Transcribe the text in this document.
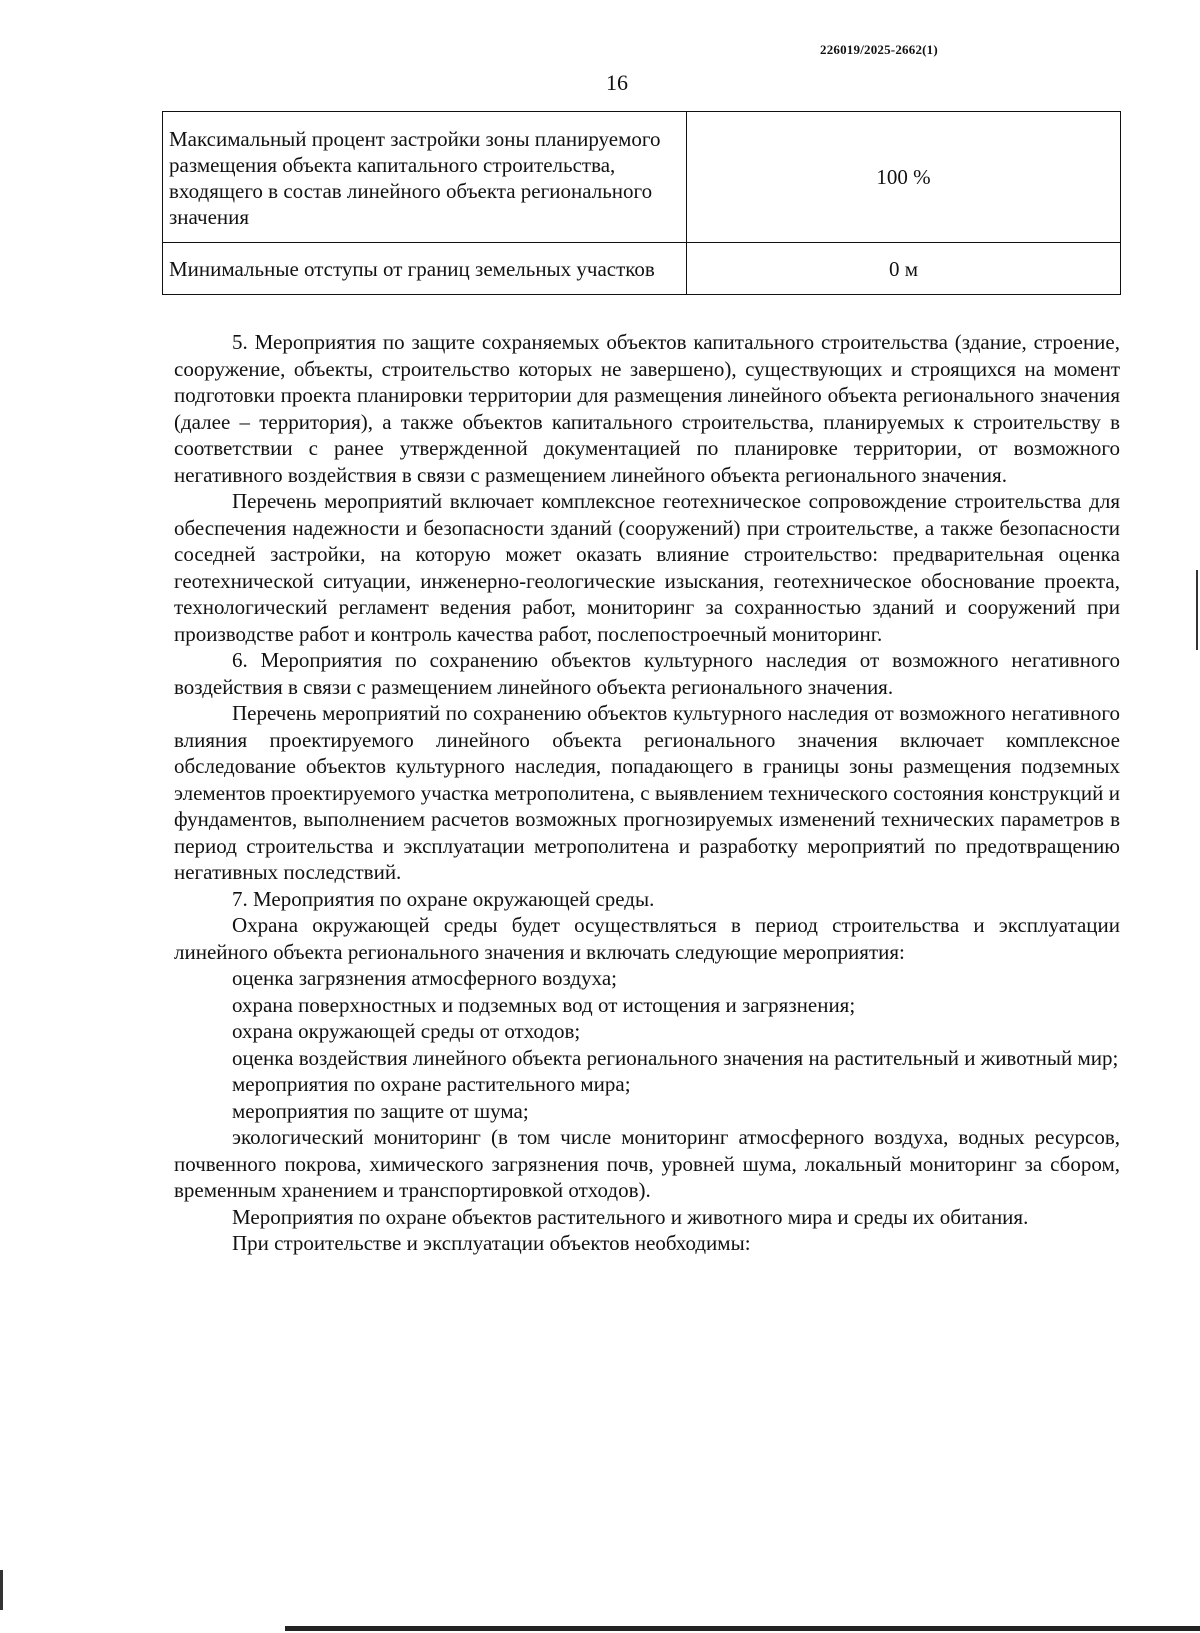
226019/2025-2662(1)
16
Максимальный процент застройки зоны планируемого размещения объекта капитального строительства, входящего в состав линейного объекта регионального значения	100 %
Минимальные отступы от границ земельных участков	0 м

5. Мероприятия по защите сохраняемых объектов капитального строительства (здание, строение, сооружение, объекты, строительство которых не завершено), существующих и строящихся на момент подготовки проекта планировки территории для размещения линейного объекта регионального значения (далее – территория), а также объектов капитального строительства, планируемых к строительству в соответствии с ранее утвержденной документацией по планировке территории, от возможного негативного воздействия в связи с размещением линейного объекта регионального значения.

Перечень мероприятий включает комплексное геотехническое сопровождение строительства для обеспечения надежности и безопасности зданий (сооружений) при строительстве, а также безопасности соседней застройки, на которую может оказать влияние строительство: предварительная оценка геотехнической ситуации, инженерно-геологические изыскания, геотехническое обоснование проекта, технологический регламент ведения работ, мониторинг за сохранностью зданий и сооружений при производстве работ и контроль качества работ, послепостроечный мониторинг.

6. Мероприятия по сохранению объектов культурного наследия от возможного негативного воздействия в связи с размещением линейного объекта регионального значения.

Перечень мероприятий по сохранению объектов культурного наследия от возможного негативного влияния проектируемого линейного объекта регионального значения включает комплексное обследование объектов культурного наследия, попадающего в границы зоны размещения подземных элементов проектируемого участка метрополитена, с выявлением технического состояния конструкций и фундаментов, выполнением расчетов возможных прогнозируемых изменений технических параметров в период строительства и эксплуатации метрополитена и разработку мероприятий по предотвращению негативных последствий.

7. Мероприятия по охране окружающей среды.

Охрана окружающей среды будет осуществляться в период строительства и эксплуатации линейного объекта регионального значения и включать следующие мероприятия:

оценка загрязнения атмосферного воздуха;

охрана поверхностных и подземных вод от истощения и загрязнения;

охрана окружающей среды от отходов;

оценка воздействия линейного объекта регионального значения на растительный и животный мир;

мероприятия по охране растительного мира;

мероприятия по защите от шума;

экологический мониторинг (в том числе мониторинг атмосферного воздуха, водных ресурсов, почвенного покрова, химического загрязнения почв, уровней шума, локальный мониторинг за сбором, временным хранением и транспортировкой отходов).

Мероприятия по охране объектов растительного и животного мира и среды их обитания.

При строительстве и эксплуатации объектов необходимы:
